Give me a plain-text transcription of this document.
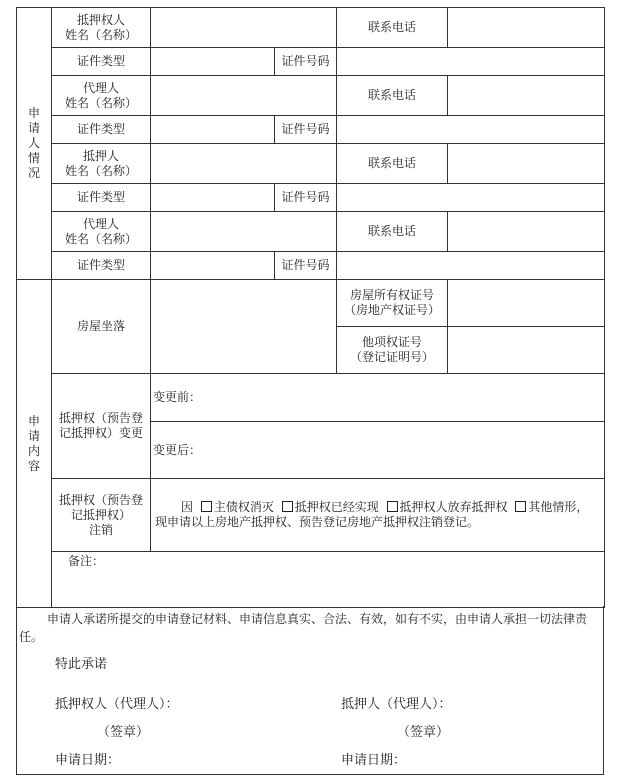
申请人情况	抵押权人
姓名（名称）			联系电话	
	证件类型		证件号码		
	代理人
姓名（名称）			联系电话	
	证件类型		证件号码		
	抵押人
姓名（名称）			联系电话	
	证件类型		证件号码		
	代理人
姓名（名称）			联系电话	
	证件类型		证件号码		
申请内容	房屋坐落			房屋所有权证号
（房地产权证号）	
				他项权证号
（登记证明号）	
	抵押权（预告登记抵押权）变更	变更前：			
		变更后：			
	抵押权（预告登记抵押权）
注销	因 主债权消灭 抵押权已经实现 抵押权人放弃抵押权 其他情形，
现申请以上房地产抵押权、预告登记房地产抵押权注销登记。			
	备注：				
申请人承诺所提交的申请登记材料、申请信息真实、合法、有效，如有不实，由申请人承担一切法律责任。
特此承诺
抵押权人（代理人）：	抵押人（代理人）：
（签章）	（签章）
申请日期：	申请日期：
